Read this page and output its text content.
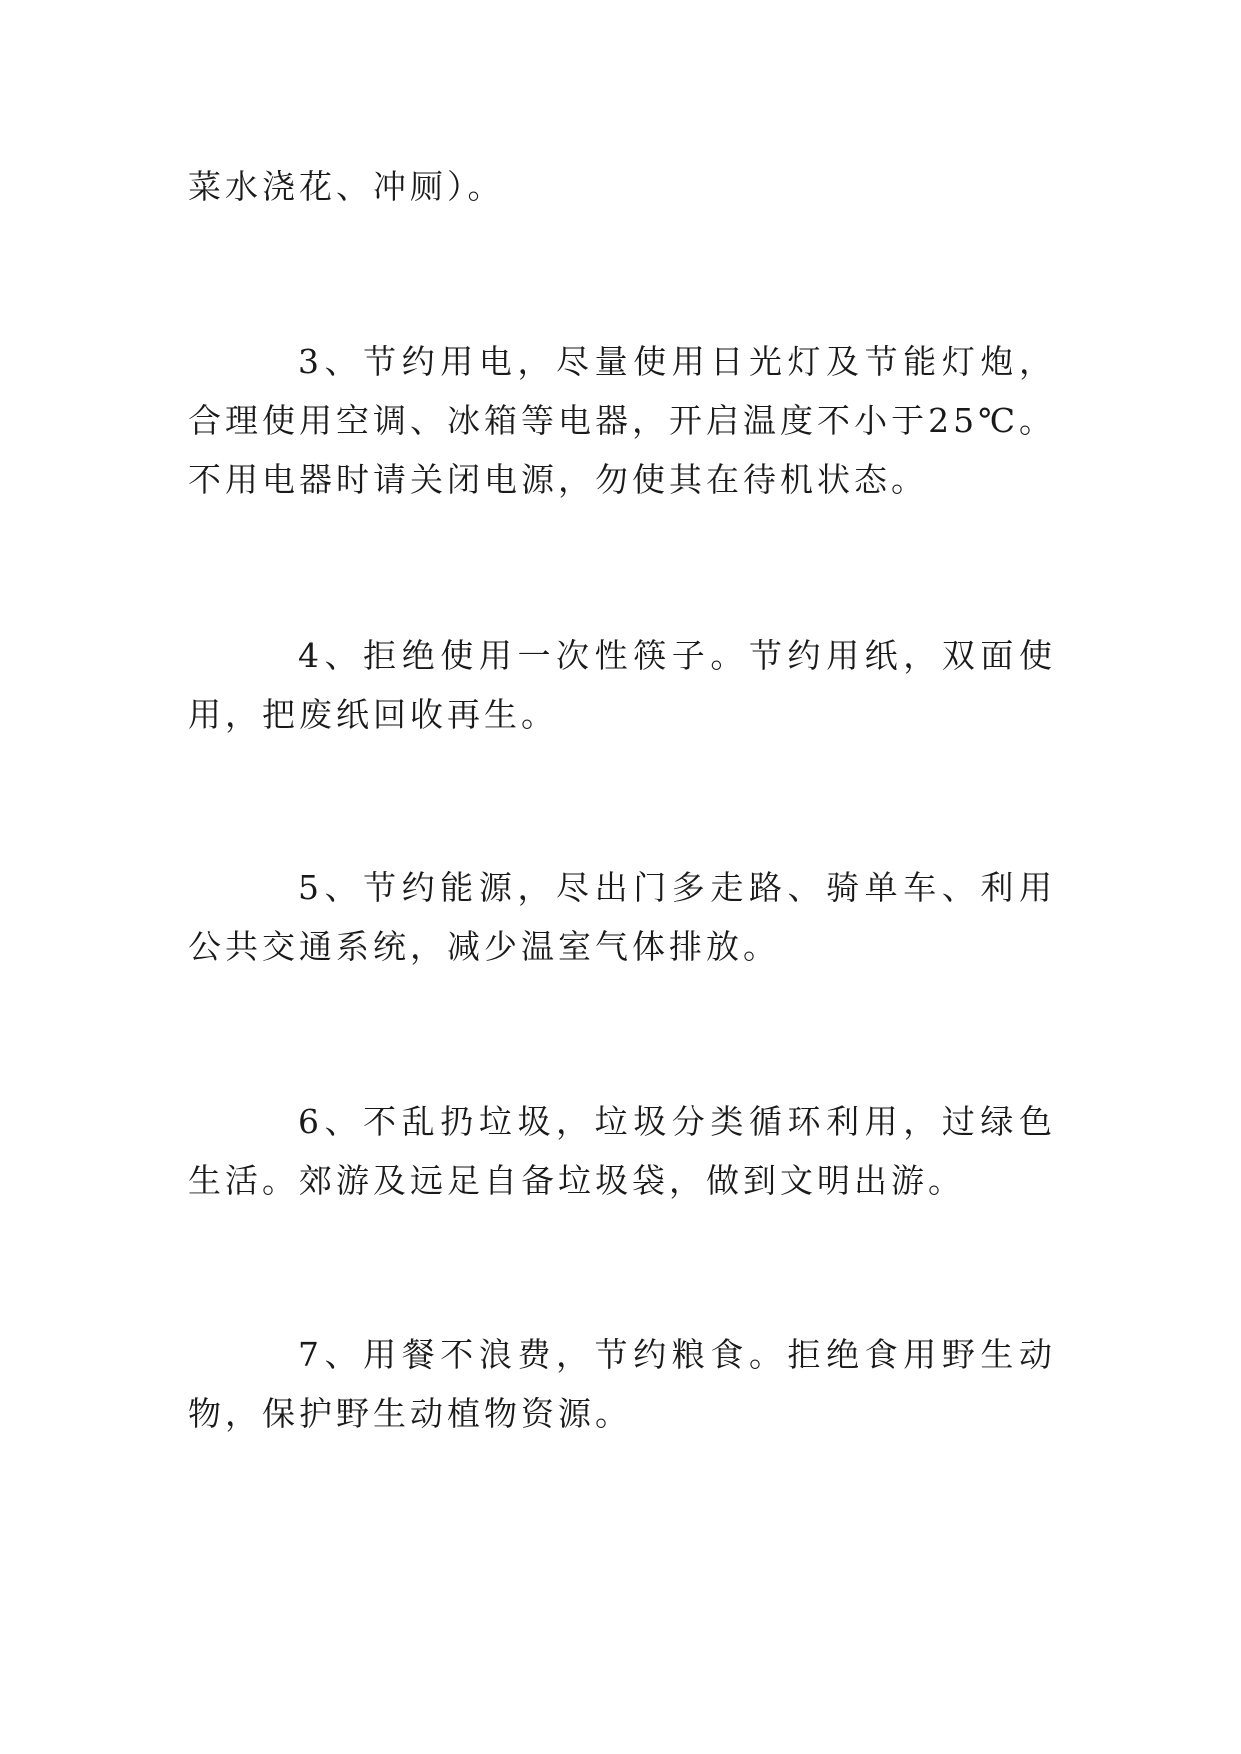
菜水浇花、冲厕）。

3、节约用电，尽量使用日光灯及节能灯炮，合理使用空调、冰箱等电器，开启温度不小于25℃。不用电器时请关闭电源，勿使其在待机状态。

4、拒绝使用一次性筷子。节约用纸，双面使用，把废纸回收再生。

5、节约能源，尽出门多走路、骑单车、利用公共交通系统，减少温室气体排放。

6、不乱扔垃圾，垃圾分类循环利用，过绿色生活。郊游及远足自备垃圾袋，做到文明出游。

7、用餐不浪费，节约粮食。拒绝食用野生动物，保护野生动植物资源。
